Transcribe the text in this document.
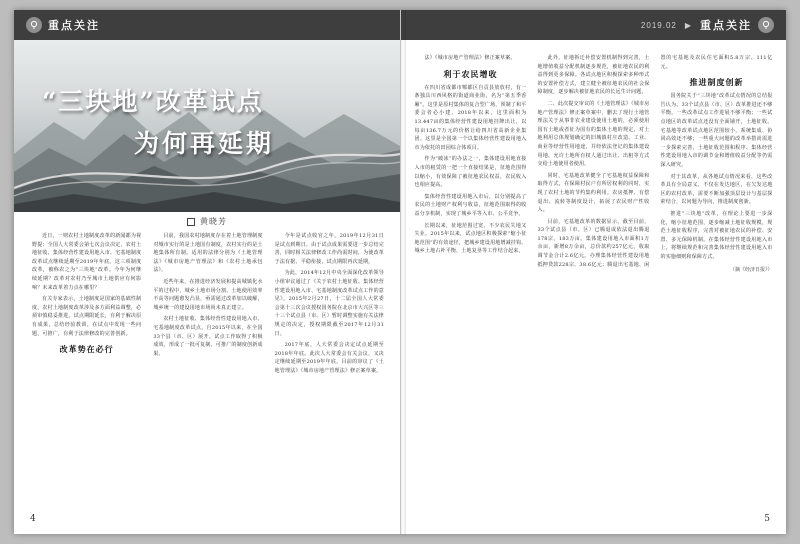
重点关注
“三块地”改革试点
为何再延期
黄晓芳

近日，一则农村土地制度改革的新闻都为视野提：全国人大常委会第七次会议决定，农村土地征收、集体经营性建设用地入市、宅基地制度改革试点继续延期至2019年年底。这三项制度改革，被称农之为“三块地”改革。今年为何继续延期？改革对农村乃至城市土地供应有何影响？未来改革着力点在哪里？

有关专家表示，土地制度是国家的基础性制度，农村土地制度改革涉及多方面利益调整，必须审慎稳妥推进。试点期限延长，有利于解决原有成果，总结经验教训。在试点中发现一些问题，可推广，有利于法律修改的完善创新。

改革势在必行

目前，我国农村地制度存在着土地管理制度对城市实行的是土地国有制度，农村实行的是土地集体所有制。适用的法律分别为《土地管理法》《城市房地产管理法》和《农村土地承包法》。

近些年来，在推进经济发展和提高城镇化水平的过程中，城乡土地市场分割、土地使用效率不高等问题愈发凸显，亟需通过改革加以破解，城乡统一的建设用地市场尚未真正建立。

农村土地征收、集体经营性建设用地入市、宅基地制度改革试点，自2015年以来，在全国33个县（市、区）展开。试点工作取得了积极成效，形成了一批可复制、可推广的制度创新成果。

今年是试点收官之年，2019年12月31日是试点到期日。由于试点成果需要进一步总结完善，同时相关法律修改工作尚需时间，为使改革于法有据、平稳衔接，试点期限再次延期。

为此，2014年12月中央全面深化改革领导小组审议通过了《关于农村土地征收、集体经营性建设用地入市、宅基地制度改革试点工作的意见》。2015年2月27日，十二届全国人大常委会第十三次会议授权国务院在北京市大兴区等三十三个试点县（市、区）暂时调整实施有关法律规定的决定，授权期限截至2017年12月31日。

2017年底，人大常委会决定试点延期至2018年年底。此次人大常委会有关会议，又决定继续延期至2019年年底。目前的审议了《土地管理法》《城市房地产管理法》修正案草案。

4
2019.02 ▶ 重点关注

法》《城市房地产管理法》修正案草案。

利于农民增收

在四川省成都市郫都区自贡县放放村，有一条独具川西风格的街道商业街，名为“第五季香厢”。这里是原村集体的复合型广场，预制了和平委会者必小建。2018年以来，这里面积为13.447亩的集体经营性建设用地挂牌出让，以每亩136.7万元的价格让给四川省高新企业集团。这里是全国第一个以集体经营性建设用地入市为依托的田园综合体项目。

作为“破冰”的办法之一，集体建设用地直接入市的租赁的一把一个直接结果是，征地范围得以缩小，有效保障了被征地农民权益，农民收入也相应提高。

集体经营性建设用地入市后，以分别提高了农民的土地财产权利与收益，征地范围取得的收益分享机制，实现了城乡平等入市、公平竞争。

长期以来，征地范围过宽，不少农民失地又失业。2015年以来，试点地区积极探索“缩小征地范围”的有效途径，把城乡建设用地增减挂钩、城乡土地占补平衡、土地复垦等工作结合起来。

此外，征地拆迁补偿安置机制得到完善，土地增值收益分配机制逐步规范，被征地农民的利益得到更多保障。各试点地区积极探索多种形式的安置补偿方式，建立健全被征地农民的社会保障制度，逐步解决被征地农民的长远生计问题。

二、此次提交审议的《土地管理法》《城市房地产管理法》修正案草案中，删去了现行土地管理法关于从事非农业建设使用土地的，必须使用国有土地或者征为国有的集体土地的规定，对土地利用总体规划确定的旧城镇村庄改造、工业、商业等经营性用地途，并经依法登记的集体建设用地，允许土地所有权人通过出让、出租等方式交给土地使用者使用。

同时，宅基地改革健全了宅基地权益保障和取得方式，在保障村民户有所居权利的同时，实现了农村土地的节约集约利用。农房抵押、有偿退出、流转等制度设计，拓展了农民财产性收入。

目前，宅基地改革的数据显示，截至目前，33个试点县（市、区）已腾退或依法退出腾退178宗，183万亩。集体建设用地入市面积1万余亩，新增8万余亩，总价款约257亿元，收取调节金合计2.6亿元。办理集体经营性建设用地抵押贷款228宗、38.6亿元；腾退出宅基地、闲置的宅基地及农民住宅面积5.8万宗、111亿元。

推进制度创新

国务院关于“三块地”改革试点情况的总结报告认为，33个试点县（市、区）改革推进还不够平衡。一些改革试点工作进展不够平衡；一些试点地区的改革试点还没有全面铺开，土地征收、宅基地等改革试点地区范围较小，系统集成、协同高效还不够；一些重大问题的改革举措尚需进一步探索完善，土地征收范围和程序、集体经营性建设用地入市的调节金和增值收益分配等仍需深入研究。

对于其改革，从各地试点情况来看，这些改革具有全局意义，不仅在发达地区，在欠发达地区的农村改革，需要不断加强顶层设计与基层探索结合，以问题为导向，推进制度创新。

推进“三块地”改革，在理论上要进一步深化，缩小征地范围，逐步缩减土地征收规模，规范土地征收程序，完善对被征地农民的补偿、安置、多元保障机制。在集体经营性建设用地入市上，将继续规范和完善集体经营性建设用地入市的实施细则和保障方式。

（摘《经济日报》）

5
